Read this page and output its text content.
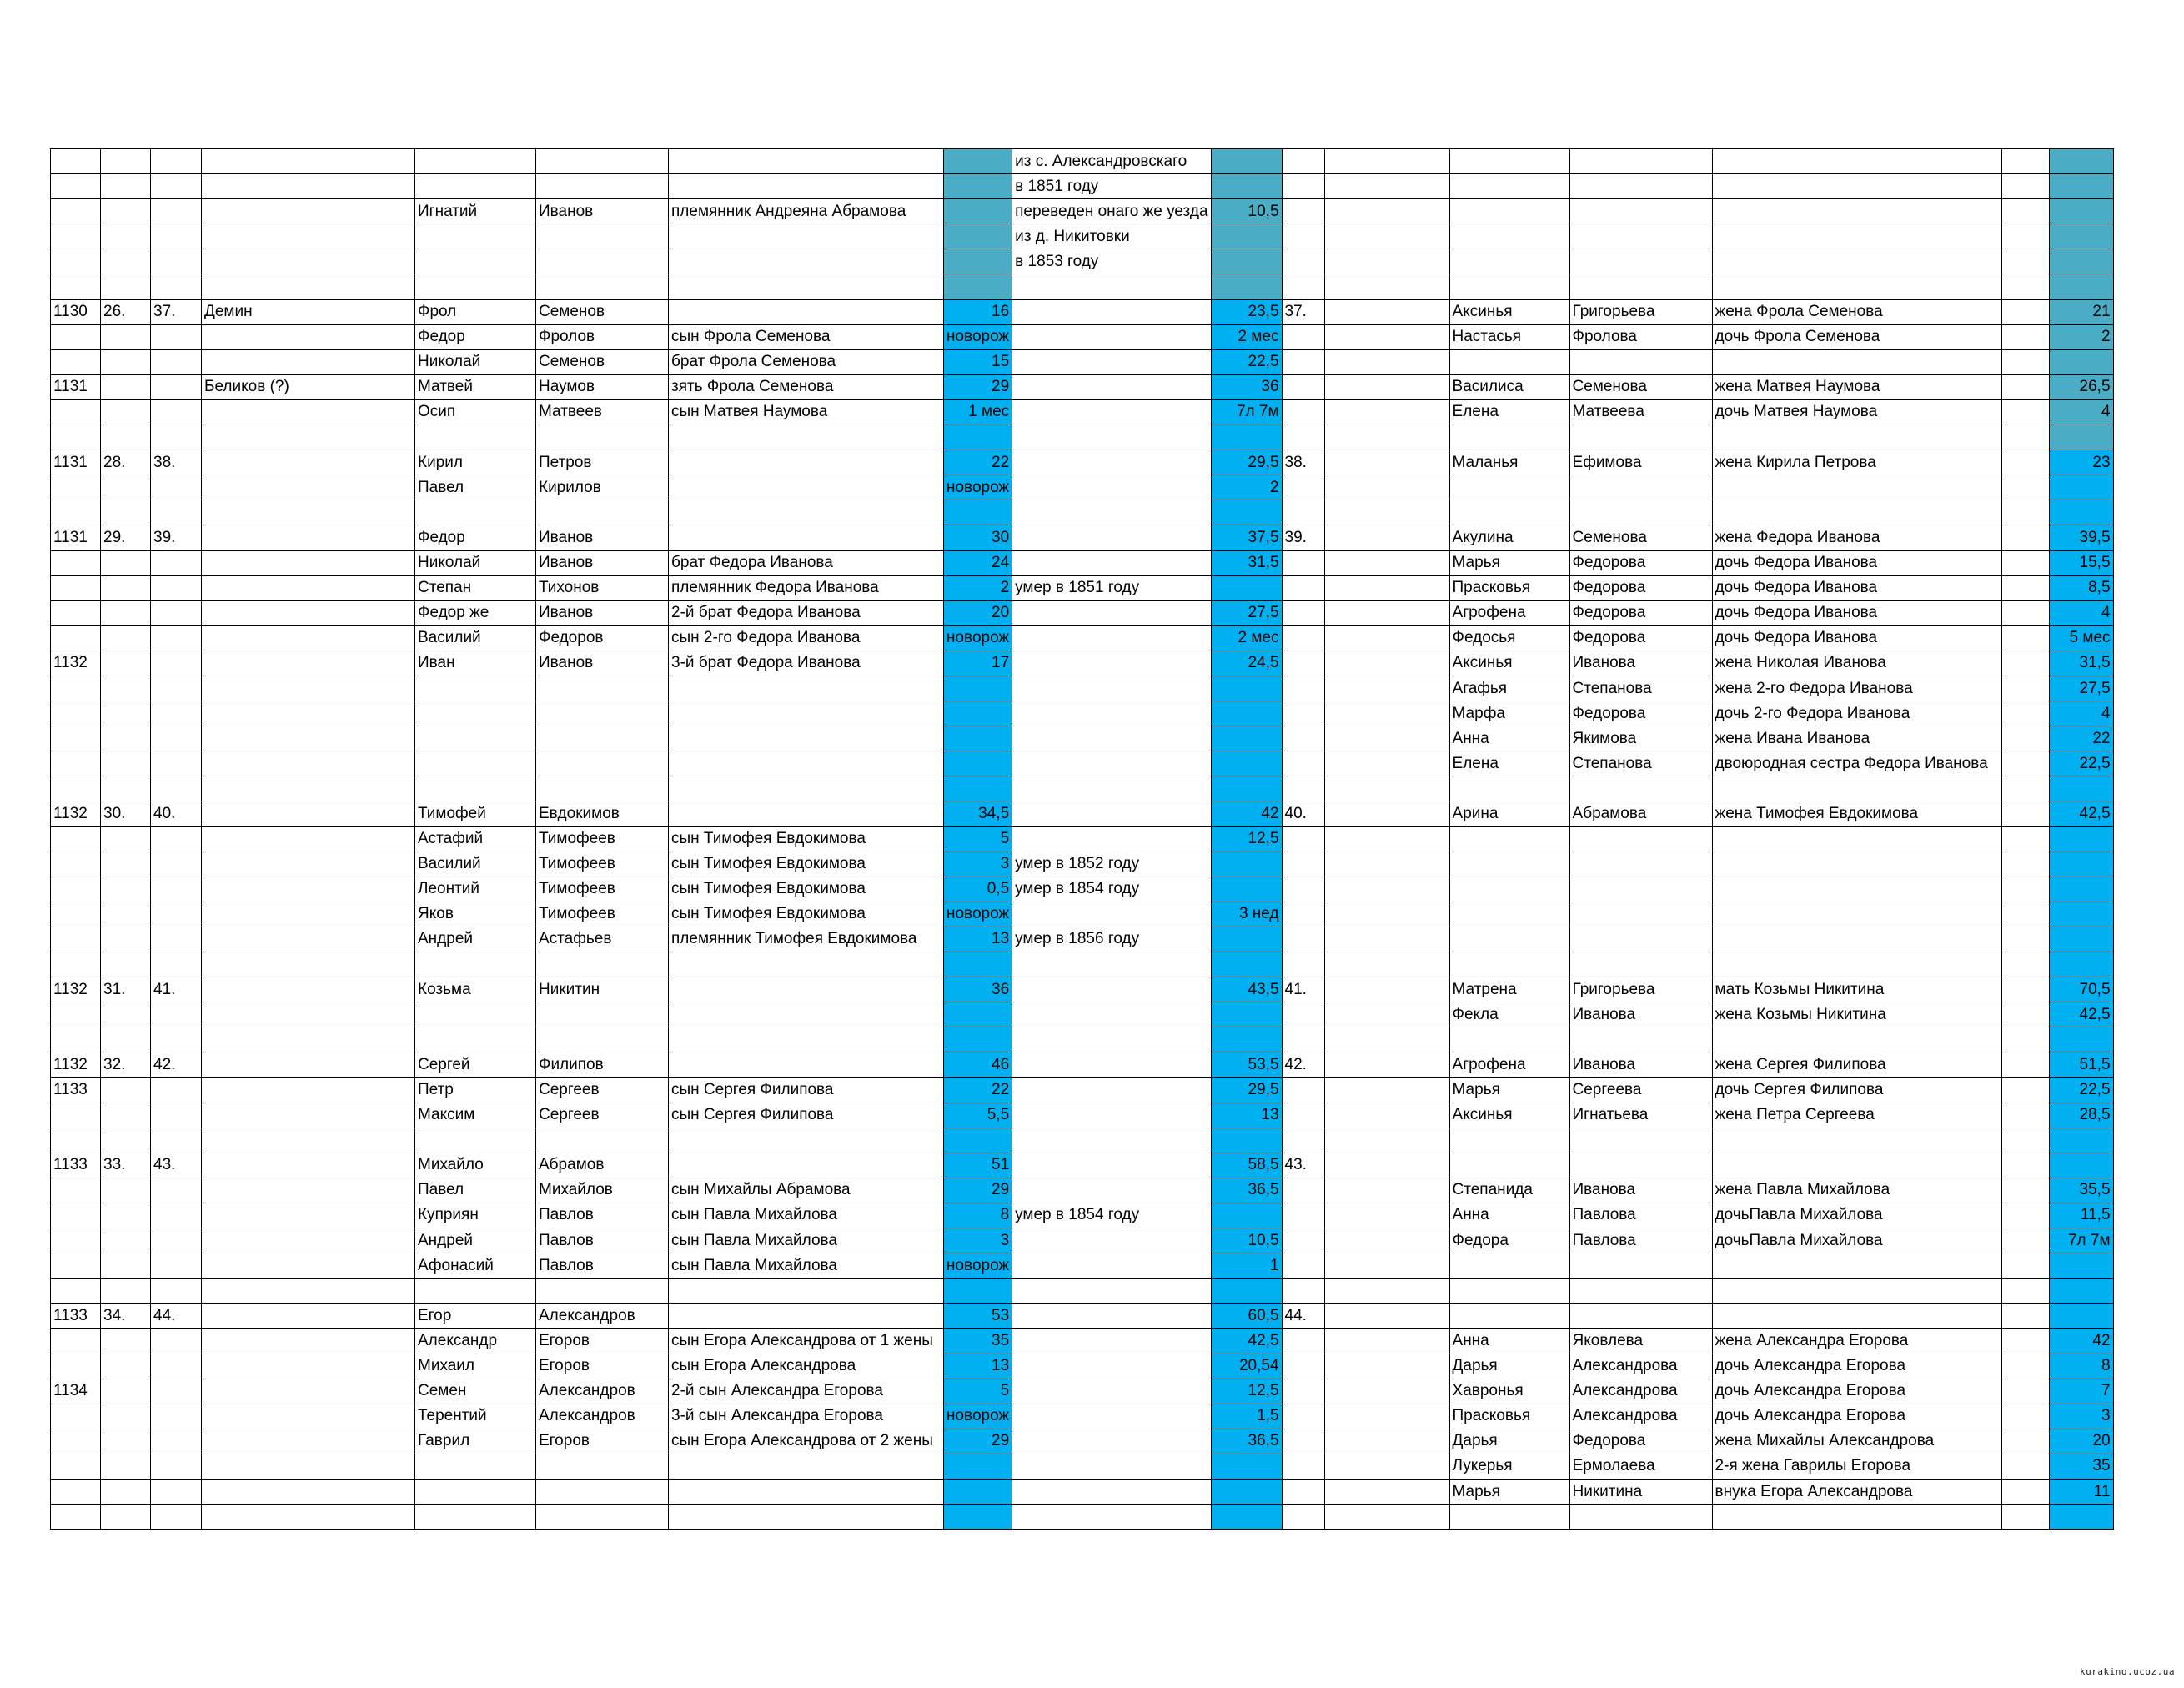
								из с. Александровскаго								
								в 1851 году								
				Игнатий	Иванов	племянник Андреяна Абрамова		переведен онаго же уезда	10,5							
								из д. Никитовки								
								в 1853 году								

1130	26.	37.	Демин	Фрол	Семенов		16		23,5	37.		Аксинья	Григорьева	жена Фрола Семенова		21
				Федор	Фролов	сын Фрола Семенова	новорож		2 мес			Настасья	Фролова	дочь Фрола Семенова		2
				Николай	Семенов	брат Фрола Семенова	15		22,5							
1131			Беликов (?)	Матвей	Наумов	зять Фрола Семенова	29		36			Василиса	Семенова	жена Матвея Наумова		26,5
				Осип	Матвеев	сын Матвея Наумова	1 мес		7л 7м			Елена	Матвеева	дочь Матвея Наумова		4

1131	28.	38.		Кирил	Петров		22		29,5	38.		Маланья	Ефимова	жена Кирила Петрова		23
				Павел	Кирилов		новорож		2							

1131	29.	39.		Федор	Иванов		30		37,5	39.		Акулина	Семенова	жена Федора Иванова		39,5
				Николай	Иванов	брат Федора Иванова	24		31,5			Марья	Федорова	дочь Федора Иванова		15,5
				Степан	Тихонов	племянник Федора Иванова	2	умер в 1851 году				Прасковья	Федорова	дочь Федора Иванова		8,5
				Федор же	Иванов	2-й брат Федора Иванова	20		27,5			Агрофена	Федорова	дочь Федора Иванова		4
				Василий	Федоров	сын 2-го Федора Иванова	новорож		2 мес			Федосья	Федорова	дочь Федора Иванова		5 мес
1132				Иван	Иванов	3-й брат Федора Иванова	17		24,5			Аксинья	Иванова	жена Николая Иванова		31,5
												Агафья	Степанова	жена 2-го Федора Иванова		27,5
												Марфа	Федорова	дочь 2-го Федора Иванова		4
												Анна	Якимова	жена Ивана Иванова		22
												Елена	Степанова	двоюродная сестра Федора Иванова		22,5

1132	30.	40.		Тимофей	Евдокимов		34,5		42	40.		Арина	Абрамова	жена Тимофея Евдокимова		42,5
				Астафий	Тимофеев	сын Тимофея Евдокимова	5		12,5							
				Василий	Тимофеев	сын Тимофея Евдокимова	3	умер в 1852 году								
				Леонтий	Тимофеев	сын Тимофея Евдокимова	0,5	умер в 1854 году								
				Яков	Тимофеев	сын Тимофея Евдокимова	новорож		3 нед							
				Андрей	Астафьев	племянник Тимофея Евдокимова	13	умер в 1856 году								

1132	31.	41.		Козьма	Никитин		36		43,5	41.		Матрена	Григорьева	мать Козьмы Никитина		70,5
												Фекла	Иванова	жена Козьмы Никитина		42,5

1132	32.	42.		Сергей	Филипов		46		53,5	42.		Агрофена	Иванова	жена Сергея Филипова		51,5
1133				Петр	Сергеев	сын Сергея Филипова	22		29,5			Марья	Сергеева	дочь Сергея Филипова		22,5
				Максим	Сергеев	сын Сергея Филипова	5,5		13			Аксинья	Игнатьева	жена Петра Сергеева		28,5

1133	33.	43.		Михайло	Абрамов		51		58,5	43.						
				Павел	Михайлов	сын Михайлы Абрамова	29		36,5			Степанида	Иванова	жена Павла Михайлова		35,5
				Куприян	Павлов	сын Павла Михайлова	8	умер в 1854 году				Анна	Павлова	дочьПавла Михайлова		11,5
				Андрей	Павлов	сын Павла Михайлова	3		10,5			Федора	Павлова	дочьПавла Михайлова		7л 7м
				Афонасий	Павлов	сын Павла Михайлова	новорож		1							

1133	34.	44.		Егор	Александров		53		60,5	44.						
				Александр	Егоров	сын Егора Александрова от 1 жены	35		42,5			Анна	Яковлева	жена Александра Егорова		42
				Михаил	Егоров	сын Егора Александрова	13		20,54			Дарья	Александрова	дочь Александра Егорова		8
1134				Семен	Александров	2-й сын Александра Егорова	5		12,5			Хавронья	Александрова	дочь Александра Егорова		7
				Терентий	Александров	3-й сын Александра Егорова	новорож		1,5			Прасковья	Александрова	дочь Александра Егорова		3
				Гаврил	Егоров	сын Егора Александрова от 2 жены	29		36,5			Дарья	Федорова	жена Михайлы Александрова		20
												Лукерья	Ермолаева	2-я жена Гаврилы Егорова		35
												Марья	Никитина	внука Егора Александрова		11

kurakino.ucoz.ua
